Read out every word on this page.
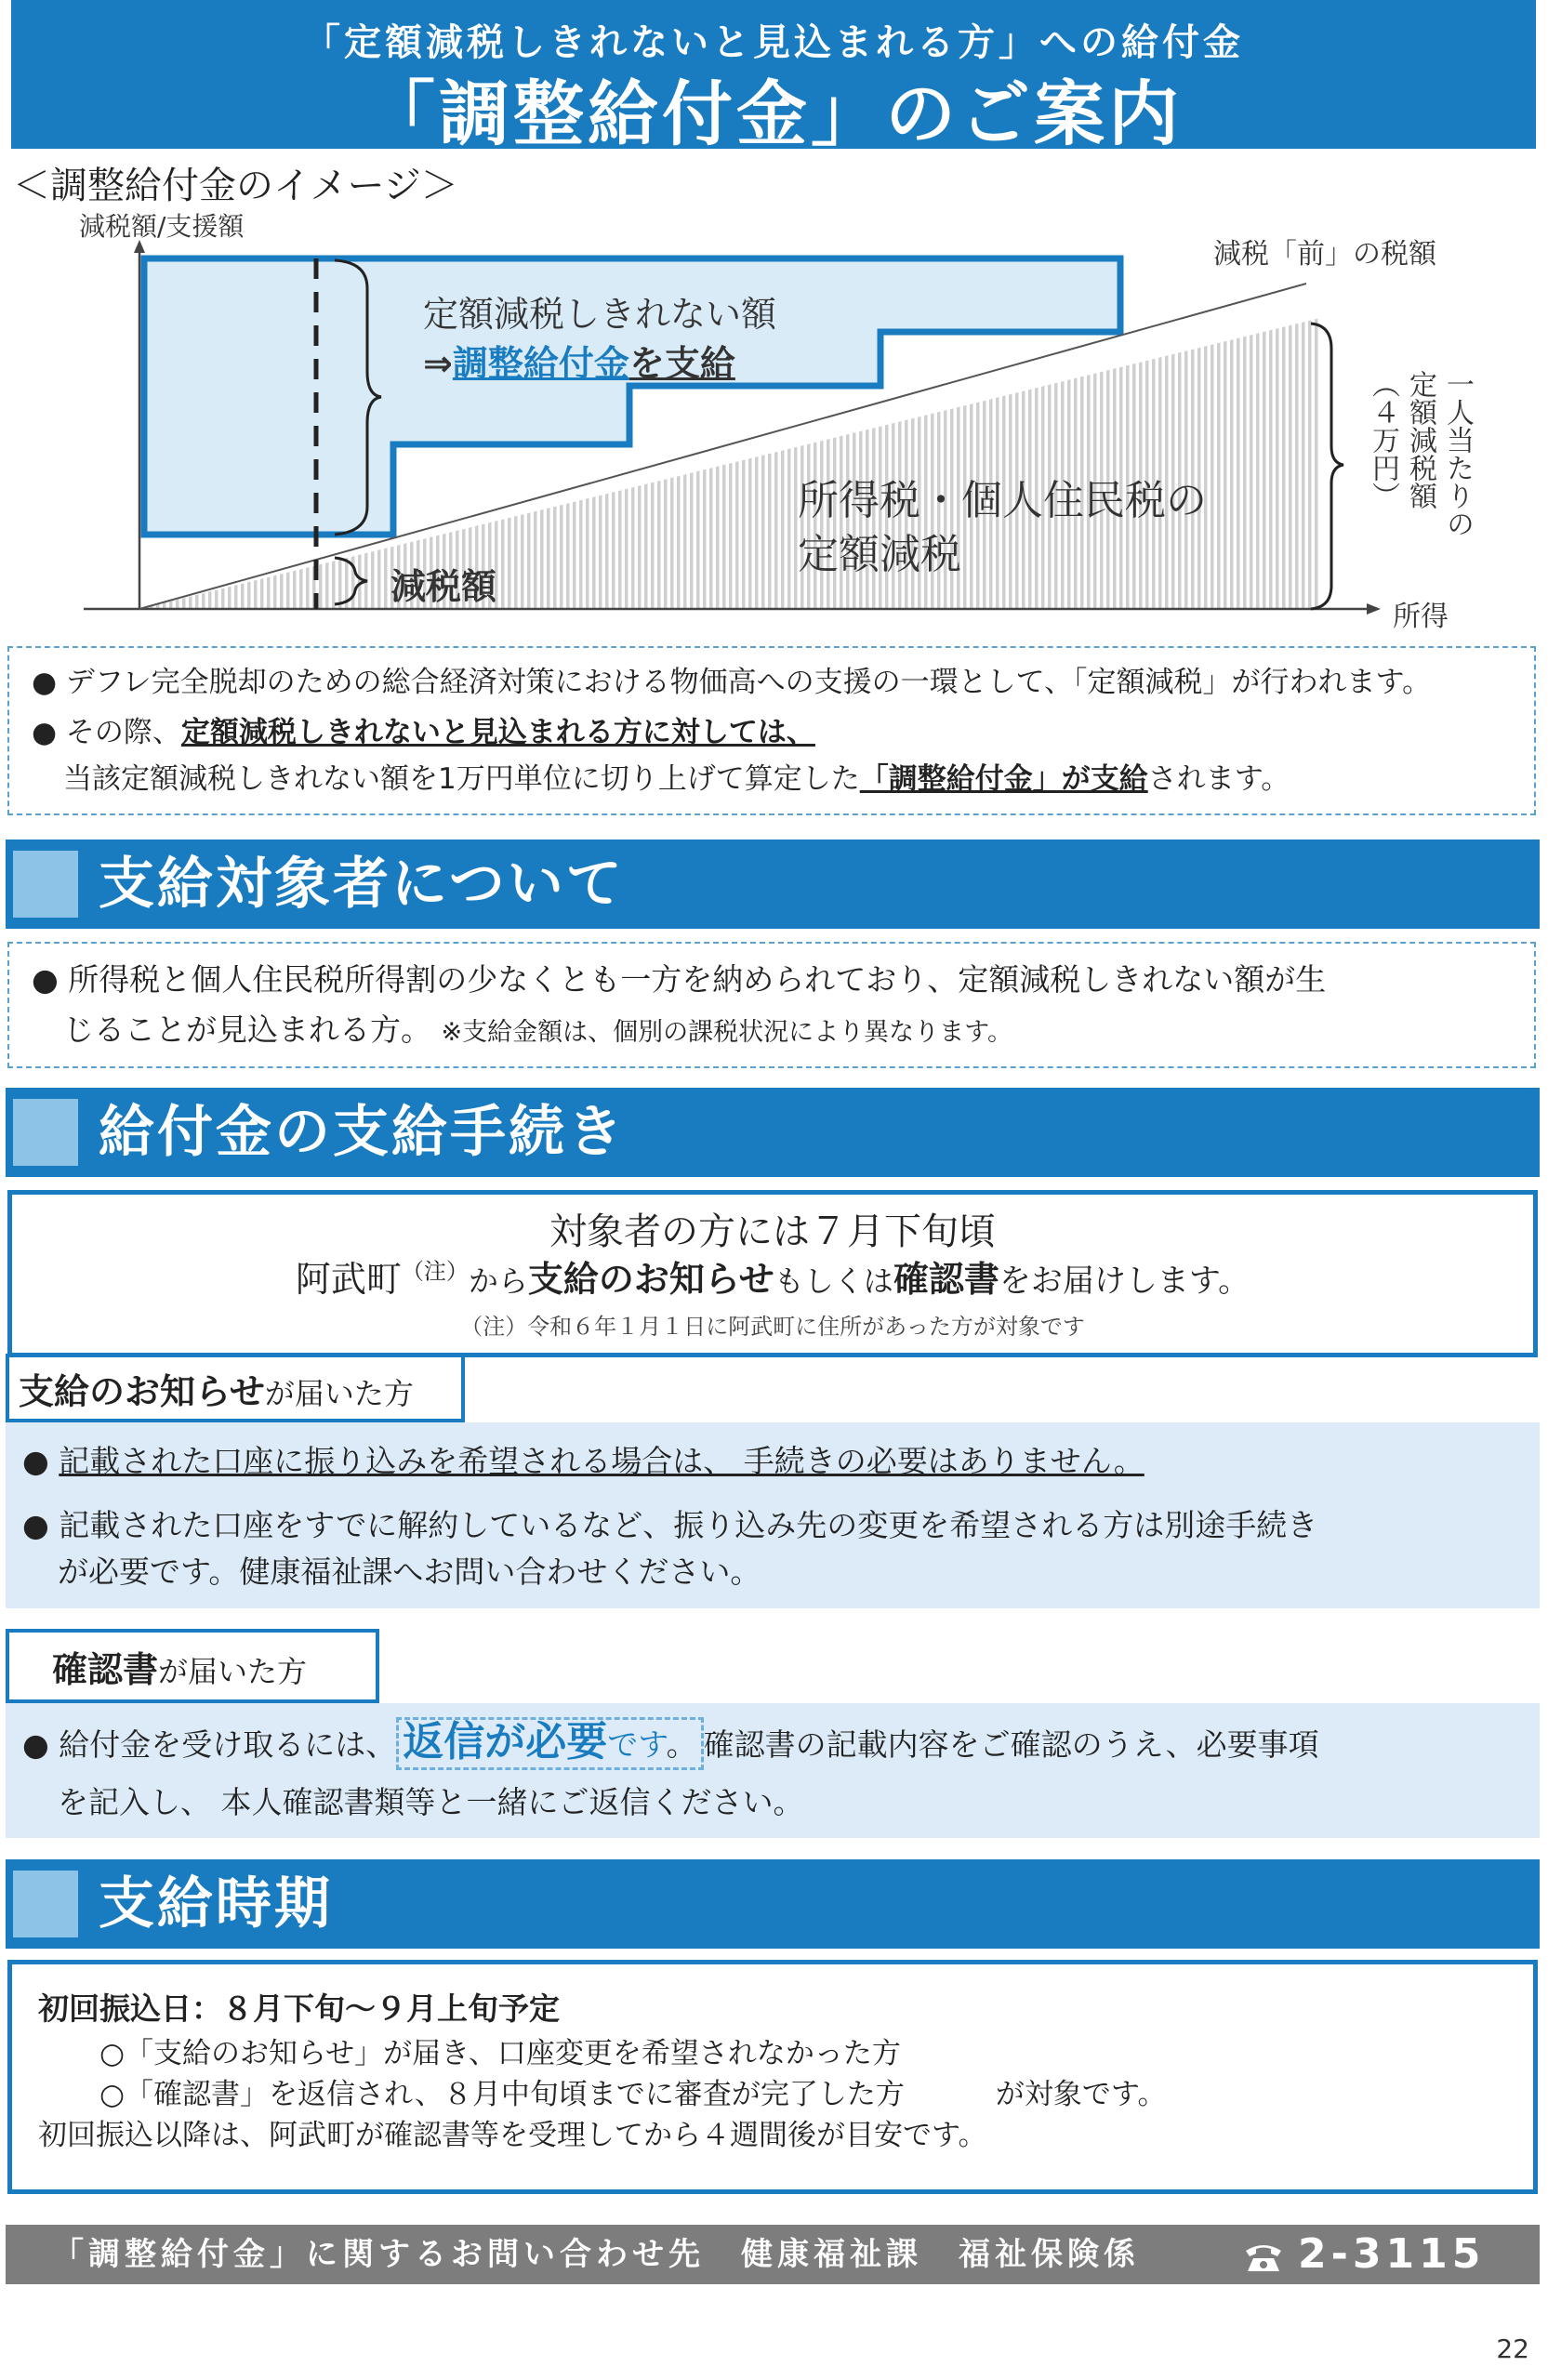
「定額減税しきれないと見込まれる方」への給付金
「調整給付金」のご案内
＜調整給付金のイメージ＞
減税額/支援額
所得
減税「前」の税額
定額減税しきれない額
⇒調整給付金を支給
減税額
所得税・個人住民税の
定額減税
一人当たりの
定額減税額
（４万円）
● デフレ完全脱却のための総合経済対策における物価高への支援の一環として、「定額減税」が行われます。
● その際、定額減税しきれないと見込まれる方に対しては、
当該定額減税しきれない額を1万円単位に切り上げて算定した「調整給付金」が支給されます。
支給対象者について
● 所得税と個人住民税所得割の少なくとも一方を納められており、定額減税しきれない額が生
じることが見込まれる方。 ※支給金額は、個別の課税状況により異なります。
給付金の支給手続き
対象者の方には７月下旬頃
阿武町$^{(注)}$から支給のお知らせもしくは確認書をお届けします。
（注）令和６年１月１日に阿武町に住所があった方が対象です
支給のお知らせが届いた方
● 記載された口座に振り込みを希望される場合は、 手続きの必要はありません。
● 記載された口座をすでに解約しているなど、振り込み先の変更を希望される方は別途手続き
が必要です。健康福祉課へお問い合わせください。
確認書が届いた方
● 給付金を受け取るには、 返信が必要です。 確認書の記載内容をご確認のうえ、必要事項
を記入し、 本人確認書類等と一緒にご返信ください。
支給時期
初回振込日：８月下旬～９月上旬予定
○「支給のお知らせ」が届き、口座変更を希望されなかった方
○「確認書」を返信され、８月中旬頃までに審査が完了した方	が対象です。
初回振込以降は、阿武町が確認書等を受理してから４週間後が目安です。
「調整給付金」に関するお問い合わせ先　健康福祉課　福祉保険係	2-3115
22
